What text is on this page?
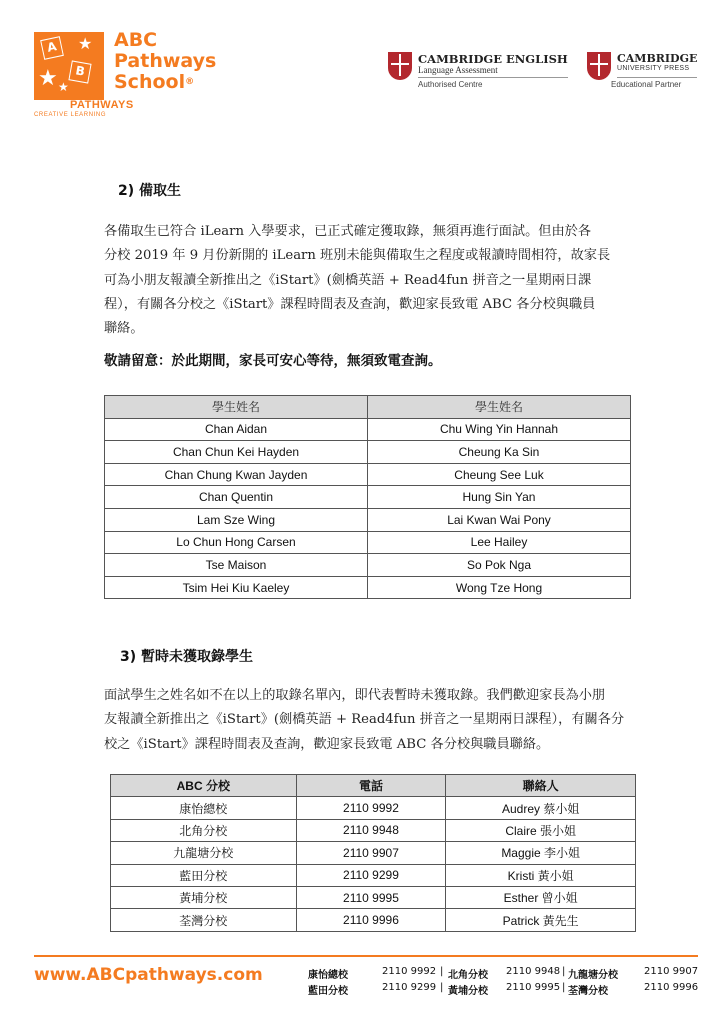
A
B
★
★ ★
ABC
Pathways
School®
PATHWAYS
CREATIVE LEARNING
CAMBRIDGE ENGLISH
Language Assessment
Authorised Centre
CAMBRIDGE
UNIVERSITY PRESS
Educational Partner
2) 備取生
各備取生已符合 iLearn 入學要求，已正式確定獲取錄，無須再進行面試。但由於各
分校 2019 年 9 月份新開的 iLearn 班別未能與備取生之程度或報讀時間相符，故家長
可為小朋友報讀全新推出之《iStart》(劍橋英語 + Read4fun 拼音之一星期兩日課
程），有關各分校之《iStart》課程時間表及查詢，歡迎家長致電 ABC 各分校與職員
聯絡。
敬請留意：於此期間，家長可安心等待，無須致電查詢。
學生姓名	學生姓名
Chan Aidan	Chu Wing Yin Hannah
Chan Chun Kei Hayden	Cheung Ka Sin
Chan Chung Kwan Jayden	Cheung See Luk
Chan Quentin	Hung Sin Yan
Lam Sze Wing	Lai Kwan Wai Pony
Lo Chun Hong Carsen	Lee Hailey
Tse Maison	So Pok Nga
Tsim Hei Kiu Kaeley	Wong Tze Hong
3) 暫時未獲取錄學生
面試學生之姓名如不在以上的取錄名單內，即代表暫時未獲取錄。我們歡迎家長為小朋
友報讀全新推出之《iStart》(劍橋英語 + Read4fun 拼音之一星期兩日課程），有關各分
校之《iStart》課程時間表及查詢，歡迎家長致電 ABC 各分校與職員聯絡。
ABC 分校	電話	聯絡人
康怡總校	2110 9992	Audrey 蔡小姐
北角分校	2110 9948	Claire 張小姐
九龍塘分校	2110 9907	Maggie 李小姐
藍田分校	2110 9299	Kristi 黃小姐
黃埔分校	2110 9995	Esther 曾小姐
荃灣分校	2110 9996	Patrick 黃先生
www.ABCpathways.com	康怡總校	2110 9992 | 北角分校 2110 9948 | 九龍塘分校	2110 9907
藍田分校	2110 9299 | 黃埔分校 2110 9995 | 荃灣分校	2110 9996
